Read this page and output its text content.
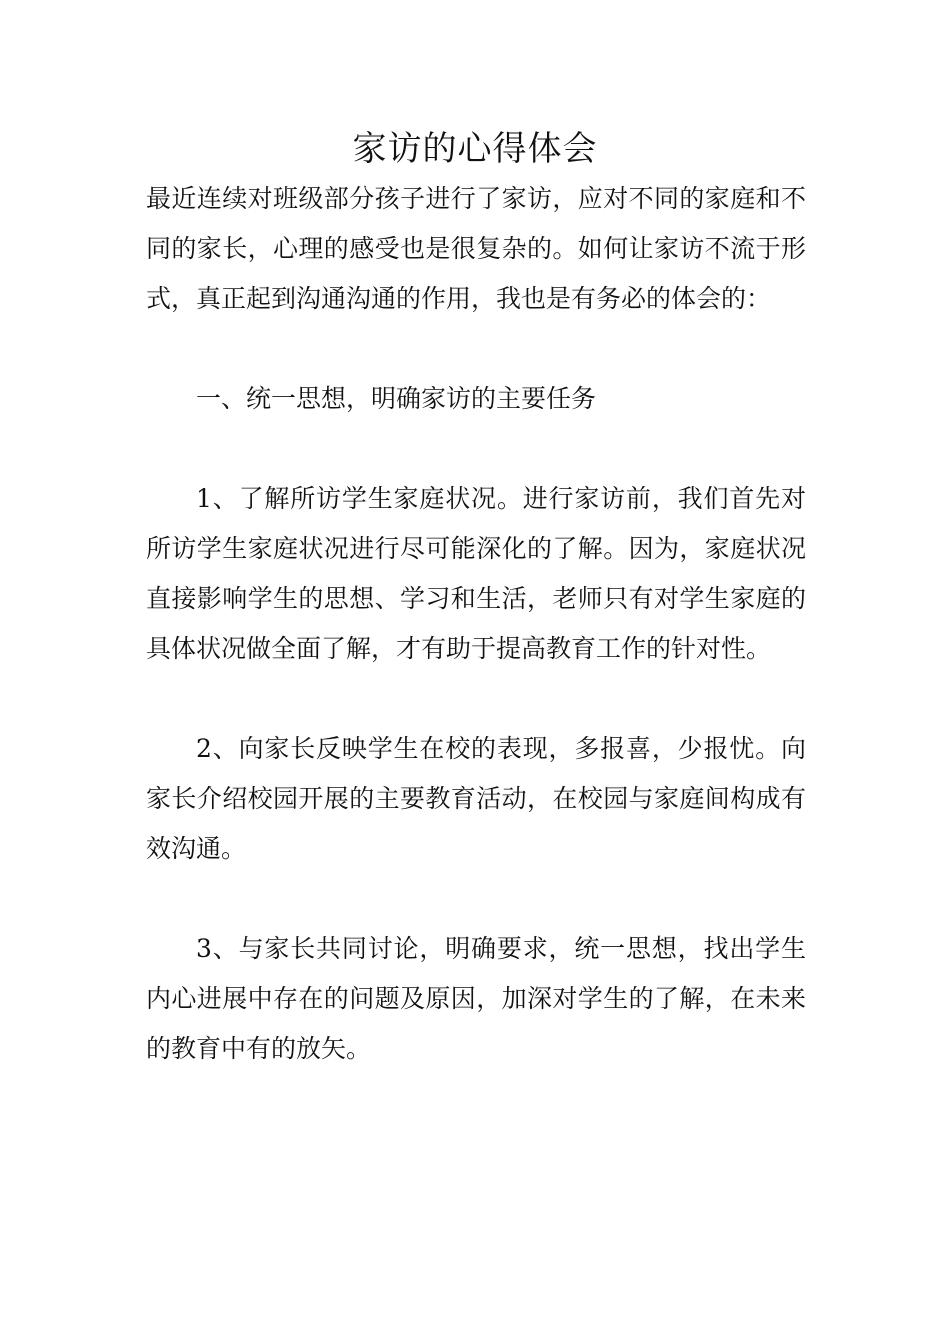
家访的心得体会

最近连续对班级部分孩子进行了家访，应对不同的家庭和不同的家长，心理的感受也是很复杂的。如何让家访不流于形式，真正起到沟通沟通的作用，我也是有务必的体会的：

一、统一思想，明确家访的主要任务

1、了解所访学生家庭状况。进行家访前，我们首先对所访学生家庭状况进行尽可能深化的了解。因为，家庭状况直接影响学生的思想、学习和生活，老师只有对学生家庭的具体状况做全面了解，才有助于提高教育工作的针对性。

2、向家长反映学生在校的表现，多报喜，少报忧。向家长介绍校园开展的主要教育活动，在校园与家庭间构成有效沟通。

3、与家长共同讨论，明确要求，统一思想，找出学生内心进展中存在的问题及原因，加深对学生的了解，在未来的教育中有的放矢。
